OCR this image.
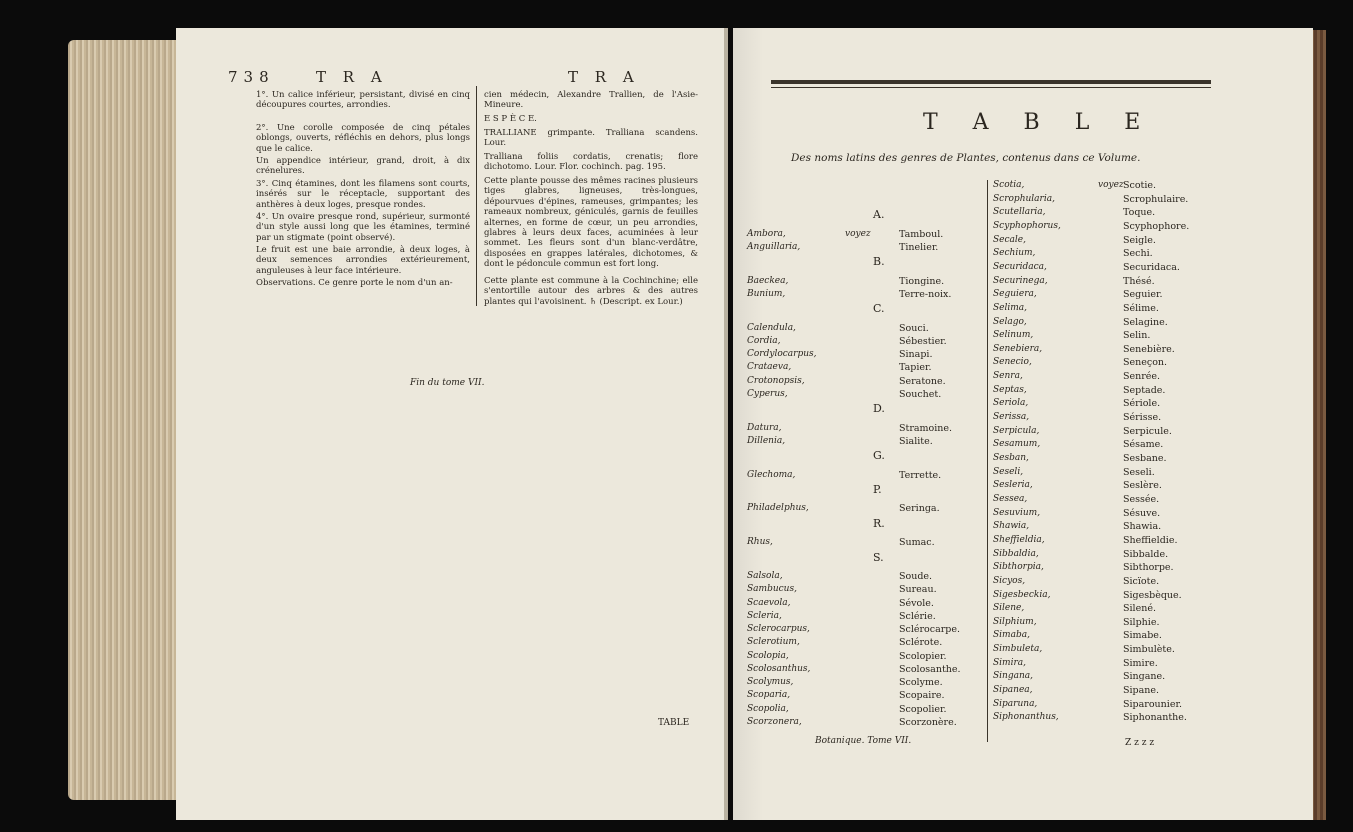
738	T R A	T R A
1°. Un calice inférieur, persistant, divisé en cinq découpures courtes, arrondies.
2°. Une corolle composée de cinq pétales oblongs, ouverts, réfléchis en dehors, plus longs que le calice.
Un appendice intérieur, grand, droit, à dix crénelures.
3°. Cinq étamines, dont les filamens sont courts, insérés sur le réceptacle, supportant des anthères à deux loges, presque rondes.
4°. Un ovaire presque rond, supérieur, surmonté d'un style aussi long que les étamines, terminé par un stigmate (point observé).
Le fruit est une baie arrondie, à deux loges, à deux semences arrondies extérieurement, anguleuses à leur face intérieure.
Observations. Ce genre porte le nom d'un an-
cien médecin, Alexandre Trallien, de l'Asie-Mineure.
E S P È C E.
TRALLIANE grimpante. Tralliana scandens. Lour.
Tralliana foliis cordatis, crenatis; flore dichotomo. Lour. Flor. cochinch. pag. 195.
Cette plante pousse des mêmes racines plusieurs tiges glabres, ligneuses, très-longues, dépourvues d'épines, rameuses, grimpantes; les rameaux nombreux, géniculés, garnis de feuilles alternes, en forme de cœur, un peu arrondies, glabres à leurs deux faces, acuminées à leur sommet. Les fleurs sont d'un blanc-verdâtre, disposées en grappes latérales, dichotomes, & dont le pédoncule commun est fort long.
Cette plante est commune à la Cochinchine; elle s'entortille autour des arbres & des autres plantes qui l'avoisinent. ♄ (Descript. ex Lour.)
Fin du tome VII.
TABLE
T A B L E
Des noms latins des genres de Plantes, contenus dans ce Volume.
A.
Ambora,	voyez	Tamboul.
Anguillaria,	Tinelier.
B.
Baeckea,	Tiongine.
Bunium,	Terre-noix.
C.
Calendula,	Souci.
Cordia,	Sébestier.
Cordylocarpus,	Sinapi.
Crataeva,	Tapier.
Crotonopsis,	Seratone.
Cyperus,	Souchet.
D.
Datura,	Stramoine.
Dillenia,	Sialite.
G.
Glechoma,	Terrette.
P.
Philadelphus,	Seringa.
R.
Rhus,	Sumac.
S.
Salsola,	Soude.
Sambucus,	Sureau.
Scaevola,	Sévole.
Scleria,	Sclérie.
Sclerocarpus,	Sclérocarpe.
Sclerotium,	Sclérote.
Scolopia,	Scolopier.
Scolosanthus,	Scolosanthe.
Scolymus,	Scolyme.
Scoparia,	Scopaire.
Scopolia,	Scopolier.
Scorzonera,	Scorzonère.
Scotia,	voyez Scotie.
Scrophularia,	Scrophulaire.
Scutellaria,	Toque.
Scyphophorus,	Scyphophore.
Secale,	Seigle.
Sechium,	Sechi.
Securidaca,	Securidaca.
Securinega,	Thésé.
Seguiera,	Seguier.
Selima,	Sélime.
Selago,	Selagine.
Selinum,	Selin.
Senebiera,	Senebière.
Senecio,	Seneçon.
Senra,	Senrée.
Septas,	Septade.
Seriola,	Sériole.
Serissa,	Sérisse.
Serpicula,	Serpicule.
Sesamum,	Sésame.
Sesban,	Sesbane.
Seseli,	Seseli.
Sesleria,	Seslère.
Sessea,	Sessée.
Sesuvium,	Sésuve.
Shawia,	Shawia.
Sheffieldia,	Sheffieldie.
Sibbaldia,	Sibbalde.
Sibthorpia,	Sibthorpe.
Sicyos,	Sicïote.
Sigesbeckia,	Sigesbèque.
Silene,	Silené.
Silphium,	Silphie.
Simaba,	Simabe.
Simbuleta,	Simbulète.
Simira,	Simire.
Singana,	Singane.
Sipanea,	Sipane.
Siparuna,	Siparounier.
Siphonanthus,	Siphonanthe.
Botanique. Tome VII.	Z z z z
